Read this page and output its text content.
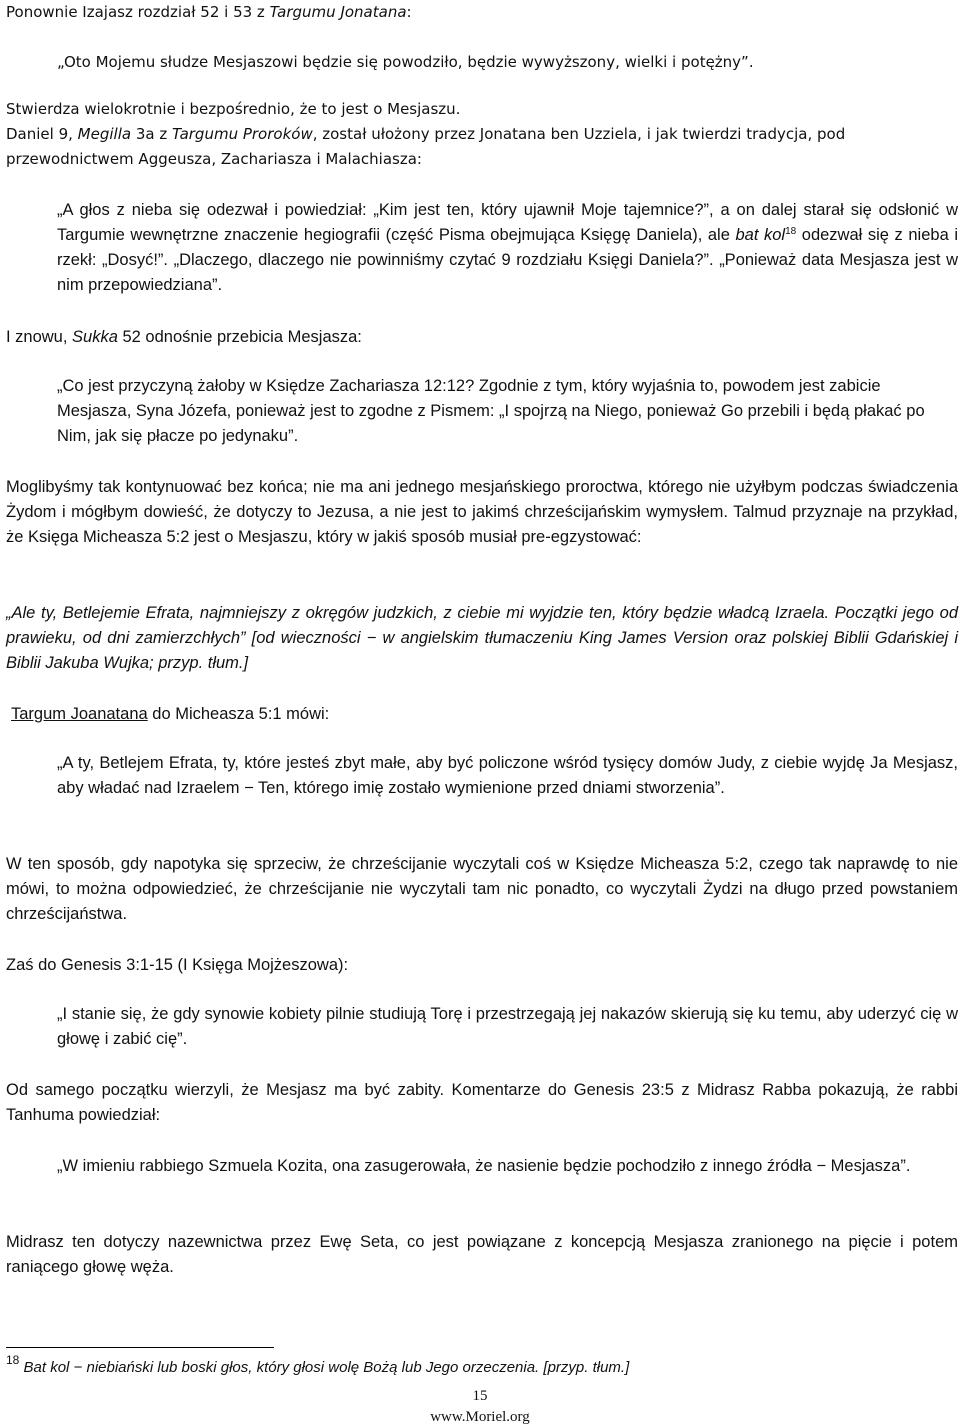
Ponownie Izajasz rozdział 52 i 53 z Targumu Jonatana:

„Oto Mojemu słudze Mesjaszowi będzie się powodziło, będzie wywyższony, wielki i potężny”.

Stwierdza wielokrotnie i bezpośrednio, że to jest o Mesjaszu.
Daniel 9, Megilla 3a z Targumu Proroków, został ułożony przez Jonatana ben Uzziela, i jak twierdzi tradycja, pod przewodnictwem Aggeusza, Zachariasza i Malachiasza:

„A głos z nieba się odezwał i powiedział: „Kim jest ten, który ujawnił Moje tajemnice?”, a on dalej starał się odsłonić w Targumie wewnętrzne znaczenie hegiografii (część Pisma obejmująca Księgę Daniela), ale bat kol$^{18}$ odezwał się z nieba i rzekł: „Dosyć!”. „Dlaczego, dlaczego nie powinniśmy czytać 9 rozdziału Księgi Daniela?”. „Ponieważ data Mesjasza jest w nim przepowiedziana”.

I znowu, Sukka 52 odnośnie przebicia Mesjasza:

„Co jest przyczyną żałoby w Księdze Zachariasza 12:12? Zgodnie z tym, który wyjaśnia to, powodem jest zabicie Mesjasza, Syna Józefa, ponieważ jest to zgodne z Pismem: „I spojrzą na Niego, ponieważ Go przebili i będą płakać po Nim, jak się płacze po jedynaku”.

Moglibyśmy tak kontynuować bez końca; nie ma ani jednego mesjańskiego proroctwa, którego nie użyłbym podczas świadczenia Żydom i mógłbym dowieść, że dotyczy to Jezusa, a nie jest to jakimś chrześcijańskim wymysłem. Talmud przyznaje na przykład, że Księga Micheasza 5:2 jest o Mesjaszu, który w jakiś sposób musiał pre-egzystować:

„Ale ty, Betlejemie Efrata, najmniejszy z okręgów judzkich, z ciebie mi wyjdzie ten, który będzie władcą Izraela. Początki jego od prawieku, od dni zamierzchłych” [od wieczności − w angielskim tłumaczeniu King James Version oraz polskiej Biblii Gdańskiej i Biblii Jakuba Wujka; przyp. tłum.]

Targum Joanatana do Micheasza 5:1 mówi:

„A ty, Betlejem Efrata, ty, które jesteś zbyt małe, aby być policzone wśród tysięcy domów Judy, z ciebie wyjdę Ja Mesjasz, aby władać nad Izraelem − Ten, którego imię zostało wymienione przed dniami stworzenia”.

W ten sposób, gdy napotyka się sprzeciw, że chrześcijanie wyczytali coś w Księdze Micheasza 5:2, czego tak naprawdę to nie mówi, to można odpowiedzieć, że chrześcijanie nie wyczytali tam nic ponadto, co wyczytali Żydzi na długo przed powstaniem chrześcijaństwa.

Zaś do Genesis 3:1-15 (I Księga Mojżeszowa):

„I stanie się, że gdy synowie kobiety pilnie studiują Torę i przestrzegają jej nakazów skierują się ku temu, aby uderzyć cię w głowę i zabić cię”.

Od samego początku wierzyli, że Mesjasz ma być zabity. Komentarze do Genesis 23:5 z Midrasz Rabba pokazują, że rabbi Tanhuma powiedział:

„W imieniu rabbiego Szmuela Kozita, ona zasugerowała, że nasienie będzie pochodziło z innego źródła − Mesjasza”.

Midrasz ten dotyczy nazewnictwa przez Ewę Seta, co jest powiązane z koncepcją Mesjasza zranionego na pięcie i potem raniącego głowę węża.

$^{18}$ Bat kol − niebiański lub boski głos, który głosi wolę Bożą lub Jego orzeczenia. [przyp. tłum.]

15
www.Moriel.org
